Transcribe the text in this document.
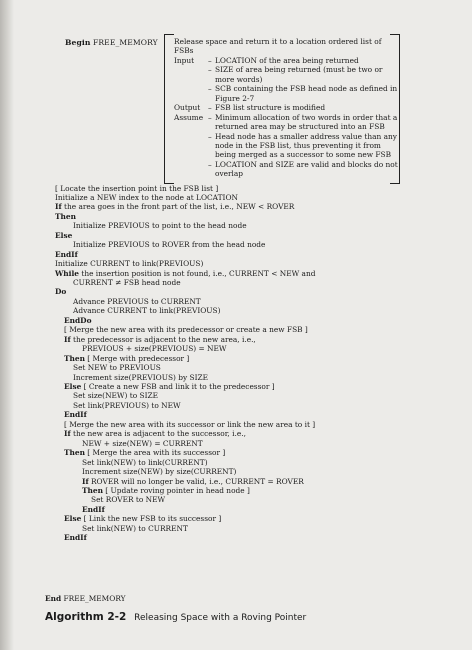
Begin FREE_MEMORY Release space and return it to a location ordered list of FSBs
Input	– LOCATION of the area being returned
– SIZE of area being returned (must be two or more words)
– SCB containing the FSB head node as defined in Figure 2-7
Output	– FSB list structure is modified
Assume – Minimum allocation of two words in order that a returned area may be structured into an FSB
– Head node has a smaller address value than any node in the FSB list, thus preventing it from being merged as a successor to some new FSB
– LOCATION and SIZE are valid and blocks do not overlap
[ Locate the insertion point in the FSB list ]
Initialize a NEW index to the node at LOCATION
If the area goes in the front part of the list, i.e., NEW < ROVER
Then
Initialize PREVIOUS to point to the head node
Else
Initialize PREVIOUS to ROVER from the head node
EndIf
Initialize CURRENT to link(PREVIOUS)
While the insertion position is not found, i.e., CURRENT < NEW and
CURRENT ≠ FSB head node
Do
Advance PREVIOUS to CURRENT
Advance CURRENT to link(PREVIOUS)
EndDo
[ Merge the new area with its predecessor or create a new FSB ]
If the predecessor is adjacent to the new area, i.e.,
PREVIOUS + size(PREVIOUS) = NEW
Then [ Merge with predecessor ]
Set NEW to PREVIOUS
Increment size(PREVIOUS) by SIZE
Else [ Create a new FSB and link it to the predecessor ]
Set size(NEW) to SIZE
Set link(PREVIOUS) to NEW
EndIf
[ Merge the new area with its successor or link the new area to it ]
If the new area is adjacent to the successor, i.e.,
NEW + size(NEW) = CURRENT
Then [ Merge the area with its successor ]
Set link(NEW) to link(CURRENT)
Increment size(NEW) by size(CURRENT)
If ROVER will no longer be valid, i.e., CURRENT = ROVER
Then [ Update roving pointer in head node ]
Set ROVER to NEW
EndIf
Else [ Link the new FSB to its successor ]
Set link(NEW) to CURRENT
EndIf
End FREE_MEMORY
Algorithm 2-2 Releasing Space with a Roving Pointer
